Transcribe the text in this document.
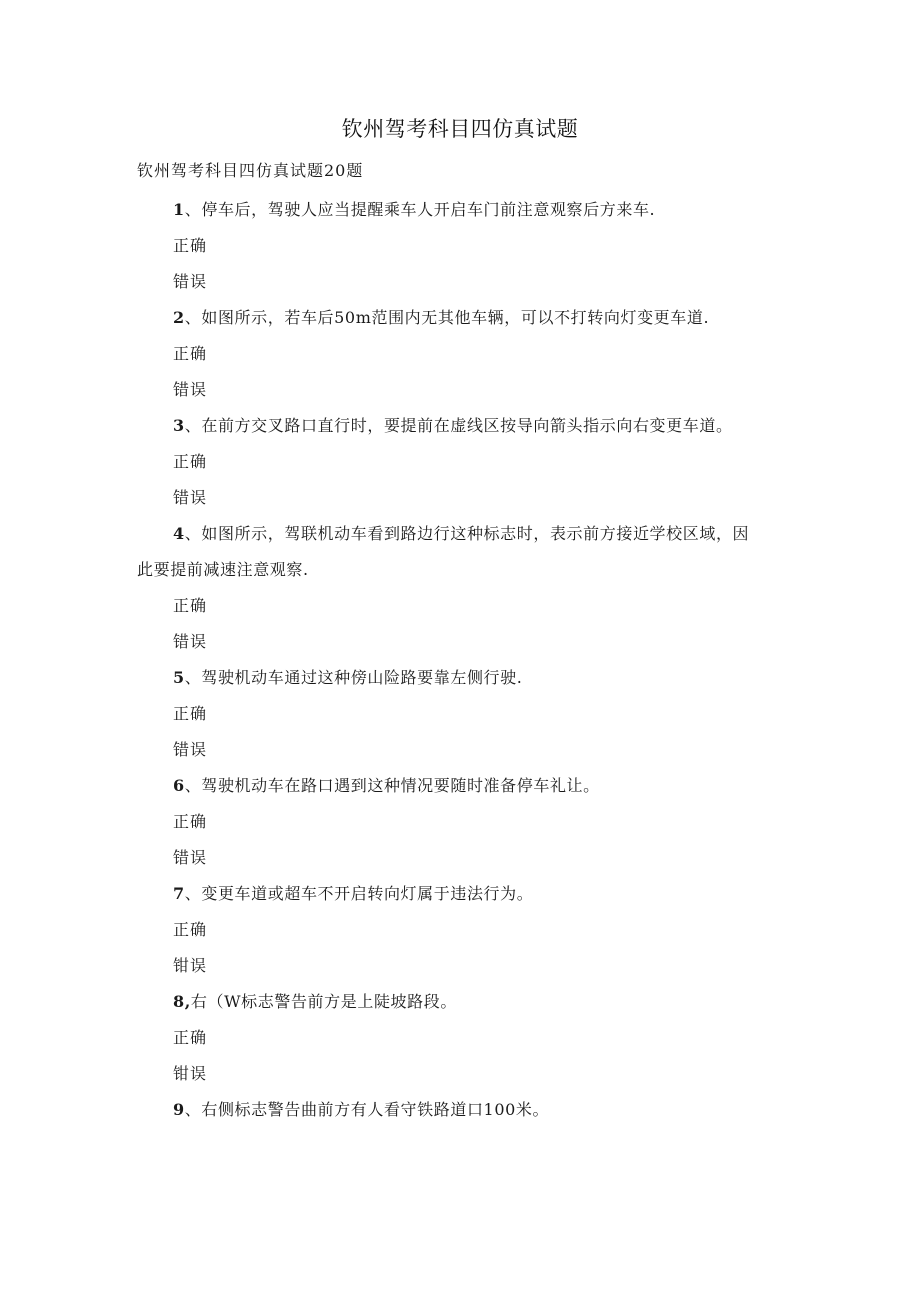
钦州驾考科目四仿真试题
钦州驾考科目四仿真试题20题

1、停车后，驾驶人应当提醒乘车人开启车门前注意观察后方来车.

正确

错误

2、如图所示，若车后50m范围内无其他车辆，可以不打转向灯变更车道.

正确

错误

3、在前方交叉路口直行时，要提前在虚线区按导向箭头指示向右变更车道。

正确

错误

4、如图所示，驾联机动车看到路边行这种标志时，表示前方接近学校区域，因此要提前减速注意观察.

正确

错误

5、驾驶机动车通过这种傍山险路要靠左侧行驶.

正确

错误

6、驾驶机动车在路口遇到这种情况要随时准备停车礼让。

正确

错误

7、变更车道或超车不开启转向灯属于违法行为。

正确

钳误

8,右（W标志警告前方是上陡坡路段。

正确

钳误

9、右侧标志警告曲前方有人看守铁路道口100米。
